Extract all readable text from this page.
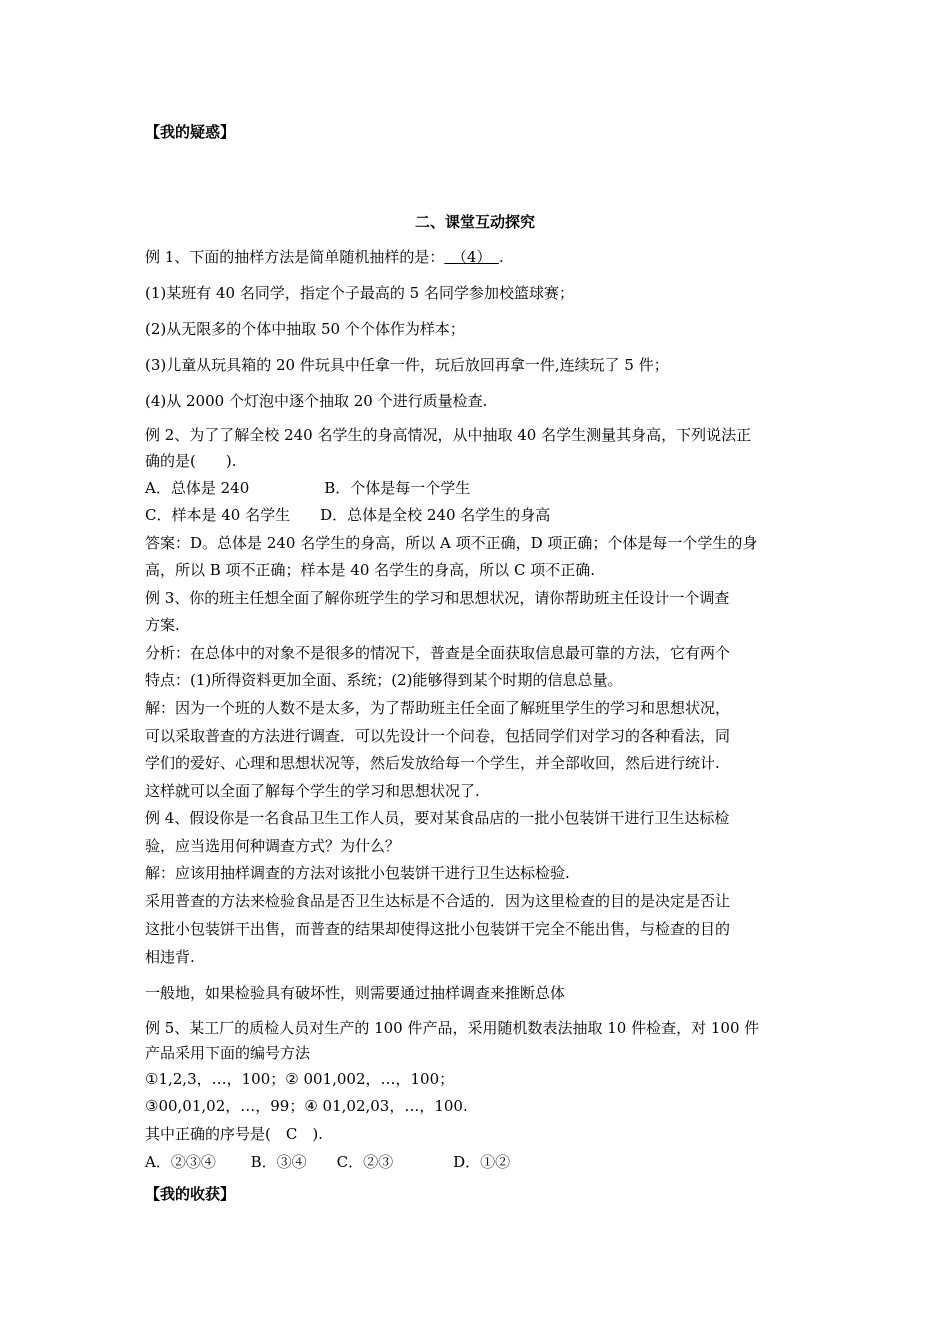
【我的疑惑】
二、课堂互动探究
例 1、下面的抽样方法是简单随机抽样的是：　（4）　.
(1)某班有 40 名同学，指定个子最高的 5 名同学参加校篮球赛；
(2)从无限多的个体中抽取 50 个个体作为样本；
(3)儿童从玩具箱的 20 件玩具中任拿一件，玩后放回再拿一件,连续玩了 5 件；
(4)从 2000 个灯泡中逐个抽取 20 个进行质量检查.
例 2、为了了解全校 240 名学生的身高情况，从中抽取 40 名学生测量其身高，下列说法正
确的是(　　).
A．总体是 240　　　　　B．个体是每一个学生
C．样本是 40 名学生　　D．总体是全校 240 名学生的身高
答案：D。总体是 240 名学生的身高，所以 A 项不正确，D 项正确；个体是每一个学生的身
高，所以 B 项不正确；样本是 40 名学生的身高，所以 C 项不正确.
例 3、你的班主任想全面了解你班学生的学习和思想状况，请你帮助班主任设计一个调查
方案.
分析：在总体中的对象不是很多的情况下，普查是全面获取信息最可靠的方法，它有两个
特点：(1)所得资料更加全面、系统；(2)能够得到某个时期的信息总量。
解：因为一个班的人数不是太多，为了帮助班主任全面了解班里学生的学习和思想状况，
可以采取普查的方法进行调查．可以先设计一个问卷，包括同学们对学习的各种看法，同
学们的爱好、心理和思想状况等，然后发放给每一个学生，并全部收回，然后进行统计.
这样就可以全面了解每个学生的学习和思想状况了.
例 4、假设你是一名食品卫生工作人员，要对某食品店的一批小包装饼干进行卫生达标检
验，应当选用何种调查方式？为什么？
解：应该用抽样调查的方法对该批小包装饼干进行卫生达标检验.
采用普查的方法来检验食品是否卫生达标是不合适的．因为这里检查的目的是决定是否让
这批小包装饼干出售，而普查的结果却使得这批小包装饼干完全不能出售，与检查的目的
相违背.
一般地，如果检验具有破坏性，则需要通过抽样调查来推断总体
例 5、某工厂的质检人员对生产的 100 件产品，采用随机数表法抽取 10 件检查，对 100 件
产品采用下面的编号方法
①1,2,3，…，100；② 001,002，…，100；
③00,01,02，…，99；④ 01,02,03，…，100.
其中正确的序号是(　C　).
A．②③④　　 B．③④　　C．②③　　　　D．①②
【我的收获】
